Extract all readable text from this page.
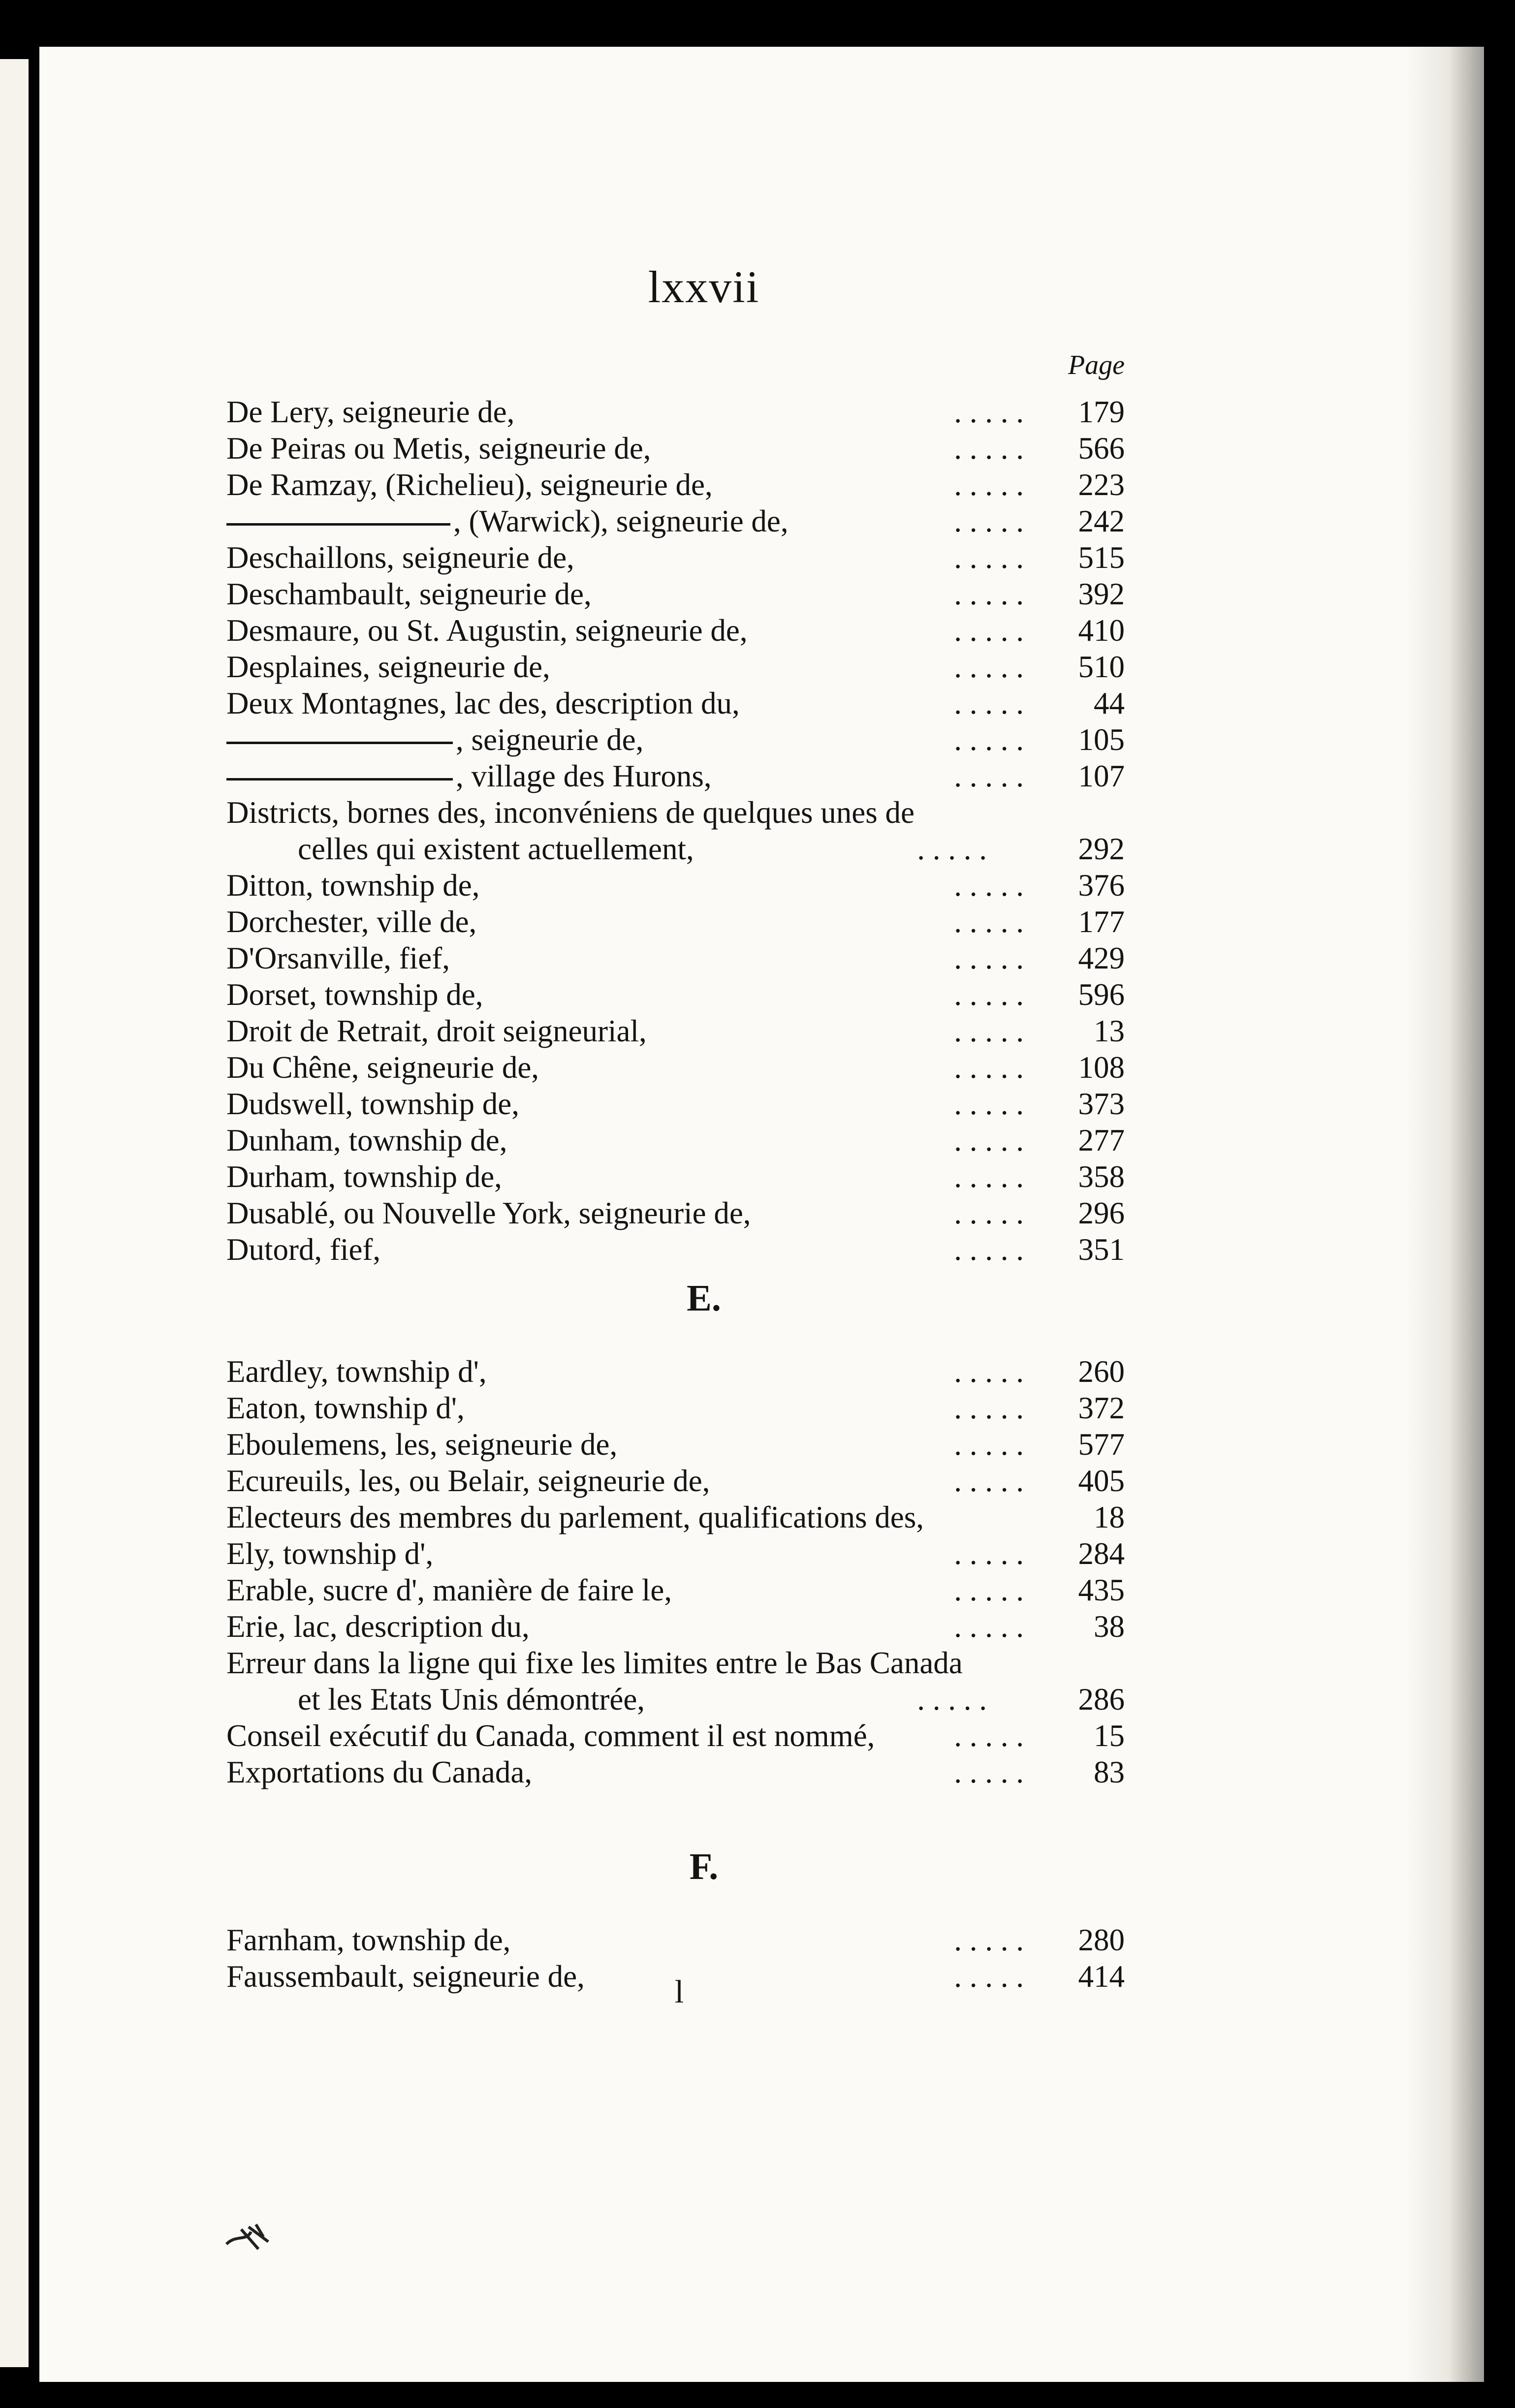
lxxvii
Page
E.
F.
l
De Lery, seigneurie de,	. . . . .	179
De Peiras ou Metis, seigneurie de,	. . . . .	566
De Ramzay, (Richelieu), seigneurie de,	. . . . .	223
, (Warwick), seigneurie de,	. . . . .	242
Deschaillons, seigneurie de,	. . . . .	515
Deschambault, seigneurie de,	. . . . .	392
Desmaure, ou St. Augustin, seigneurie de,	. . . . .	410
Desplaines, seigneurie de,	. . . . .	510
Deux Montagnes, lac des, description du,	. . . . .	44
, seigneurie de,	. . . . .	105
, village des Hurons,	. . . . .	107
Districts, bornes des, inconvéniens de quelques unes de
celles qui existent actuellement,	. . . . .	292
Ditton, township de,	. . . . .	376
Dorchester, ville de,	. . . . .	177
D'Orsanville, fief,	. . . . .	429
Dorset, township de,	. . . . .	596
Droit de Retrait, droit seigneurial,	. . . . .	13
Du Chêne, seigneurie de,	. . . . .	108
Dudswell, township de,	. . . . .	373
Dunham, township de,	. . . . .	277
Durham, township de,	. . . . .	358
Dusablé, ou Nouvelle York, seigneurie de,	. . . . .	296
Dutord, fief,	. . . . .	351
Eardley, township d',	. . . . .	260
Eaton, township d',	. . . . .	372
Eboulemens, les, seigneurie de,	. . . . .	577
Ecureuils, les, ou Belair, seigneurie de,	. . . . .	405
Electeurs des membres du parlement, qualifications des,	18
Ely, township d',	. . . . .	284
Erable, sucre d', manière de faire le,	. . . . .	435
Erie, lac, description du,	. . . . .	38
Erreur dans la ligne qui fixe les limites entre le Bas Canada
et les Etats Unis démontrée,	. . . . .	286
Conseil exécutif du Canada, comment il est nommé,	. . . . .	15
Exportations du Canada,	. . . . .	83
Farnham, township de,	. . . . .	280
Faussembault, seigneurie de,	. . . . .	414
